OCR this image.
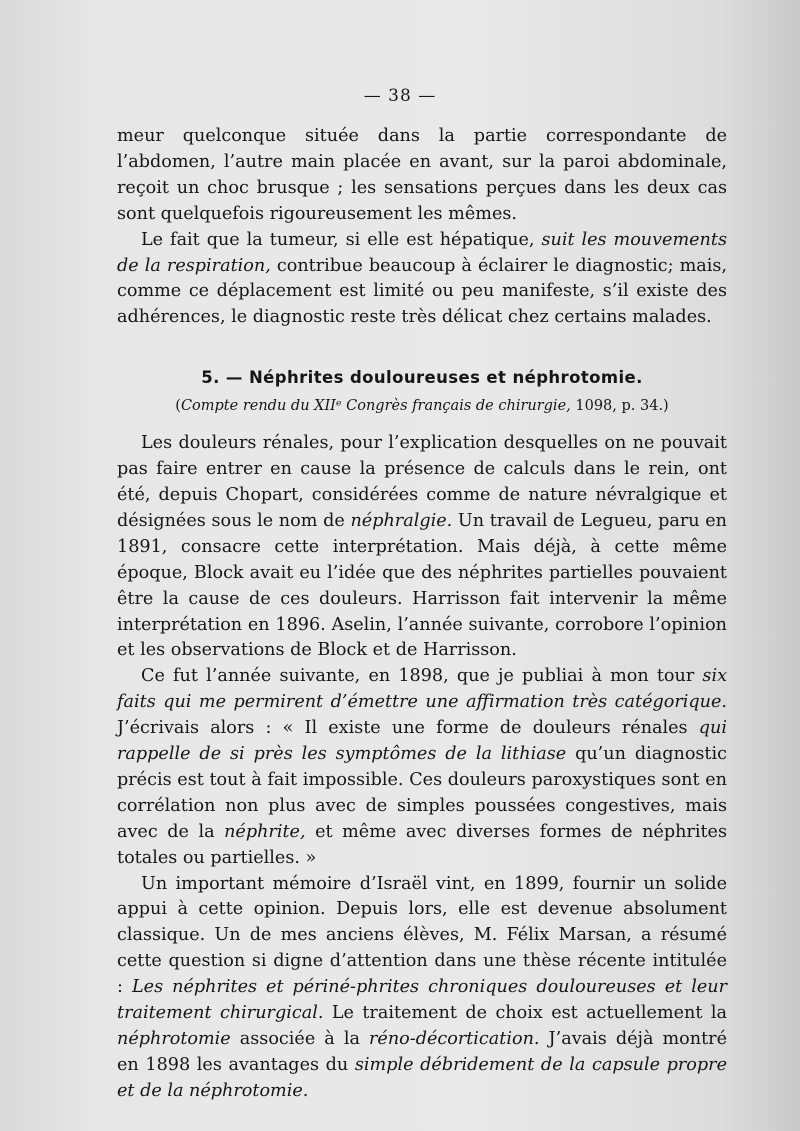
— 38 —

meur quelconque située dans la partie correspondante de l’abdomen, l’autre main placée en avant, sur la paroi abdominale, reçoit un choc brusque ; les sensations perçues dans les deux cas sont quelquefois rigoureusement les mêmes.

Le fait que la tumeur, si elle est hépatique, suit les mouvements de la respiration, contribue beaucoup à éclairer le diagnostic; mais, comme ce déplacement est limité ou peu manifeste, s’il existe des adhérences, le diagnostic reste très délicat chez certains malades.

5. — Néphrites douloureuses et néphrotomie.
(Compte rendu du XIIᵉ Congrès français de chirurgie, 1098, p. 34.)

Les douleurs rénales, pour l’explication desquelles on ne pouvait pas faire entrer en cause la présence de calculs dans le rein, ont été, depuis Chopart, considérées comme de nature névralgique et désignées sous le nom de néphralgie. Un travail de Legueu, paru en 1891, consacre cette interprétation. Mais déjà, à cette même époque, Block avait eu l’idée que des néphrites partielles pouvaient être la cause de ces douleurs. Harrisson fait intervenir la même interprétation en 1896. Aselin, l’année suivante, corrobore l’opinion et les observations de Block et de Harrisson.

Ce fut l’année suivante, en 1898, que je publiai à mon tour six faits qui me permirent d’émettre une affirmation très catégorique. J’écrivais alors : « Il existe une forme de douleurs rénales qui rappelle de si près les symptômes de la lithiase qu’un diagnostic précis est tout à fait impossible. Ces douleurs paroxystiques sont en corrélation non plus avec de simples poussées congestives, mais avec de la néphrite, et même avec diverses formes de néphrites totales ou partielles. »

Un important mémoire d’Israël vint, en 1899, fournir un solide appui à cette opinion. Depuis lors, elle est devenue absolument classique. Un de mes anciens élèves, M. Félix Marsan, a résumé cette question si digne d’attention dans une thèse récente intitulée : Les néphrites et périné-phrites chroniques douloureuses et leur traitement chirurgical. Le traitement de choix est actuellement la néphrotomie associée à la réno-décortication. J’avais déjà montré en 1898 les avantages du simple débridement de la capsule propre et de la néphrotomie.
